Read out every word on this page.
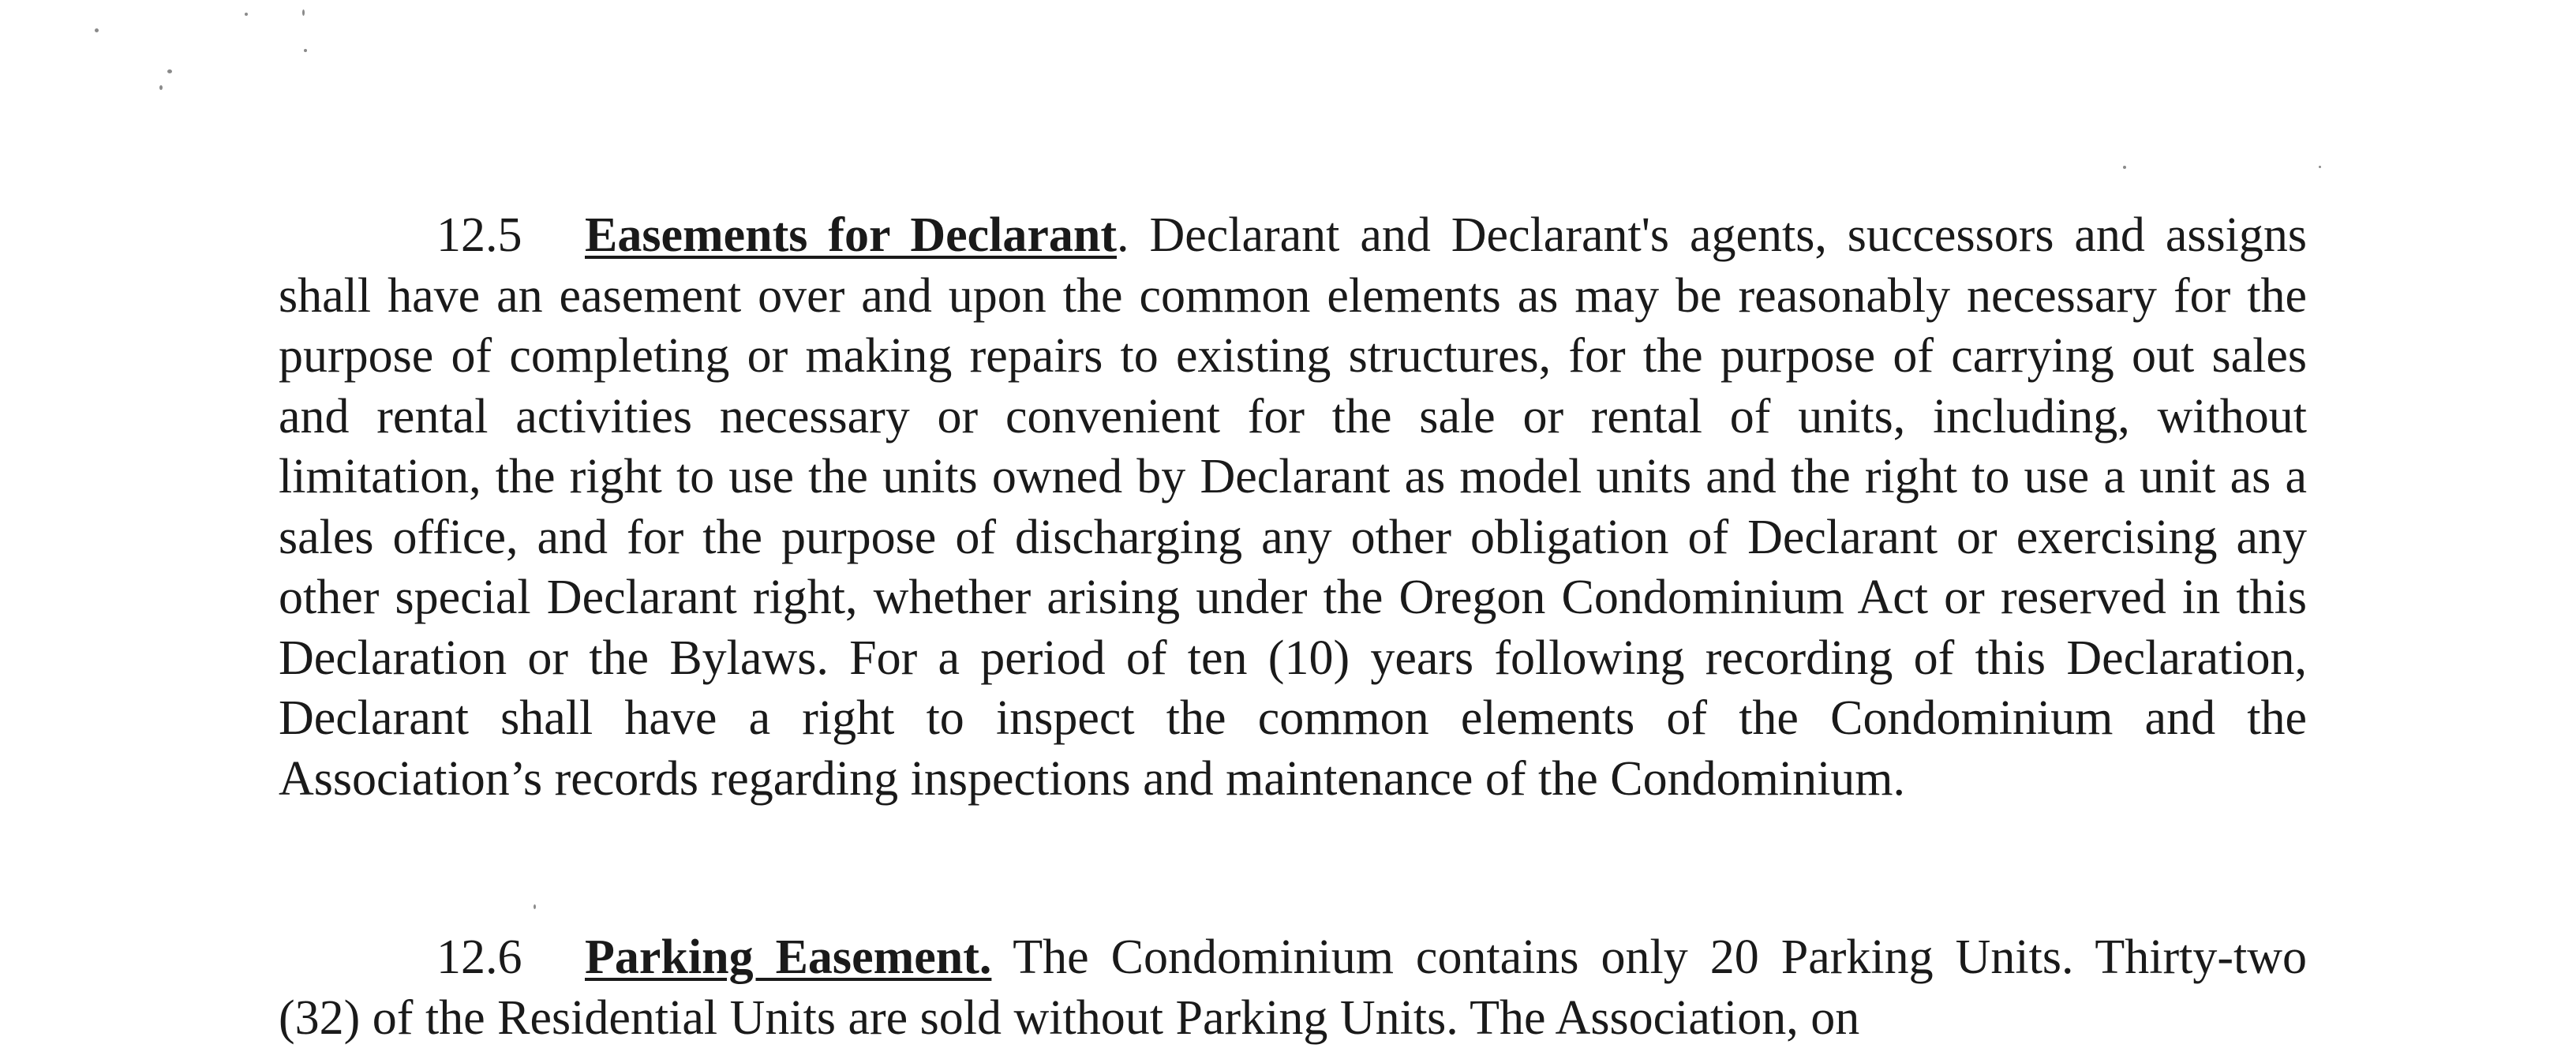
12.5 Easements for Declarant. Declarant and Declarant's agents, successors and assigns shall have an easement over and upon the common elements as may be reasonably necessary for the purpose of completing or making repairs to existing structures, for the purpose of carrying out sales and rental activities necessary or convenient for the sale or rental of units, including, without limitation, the right to use the units owned by Declarant as model units and the right to use a unit as a sales office, and for the purpose of discharging any other obligation of Declarant or exercising any other special Declarant right, whether arising under the Oregon Condominium Act or reserved in this Declaration or the Bylaws. For a period of ten (10) years following recording of this Declaration, Declarant shall have a right to inspect the common elements of the Condominium and the Association’s records regarding inspections and maintenance of the Condominium.

12.6 Parking Easement. The Condominium contains only 20 Parking Units. Thirty-two (32) of the Residential Units are sold without Parking Units. The Association, on
